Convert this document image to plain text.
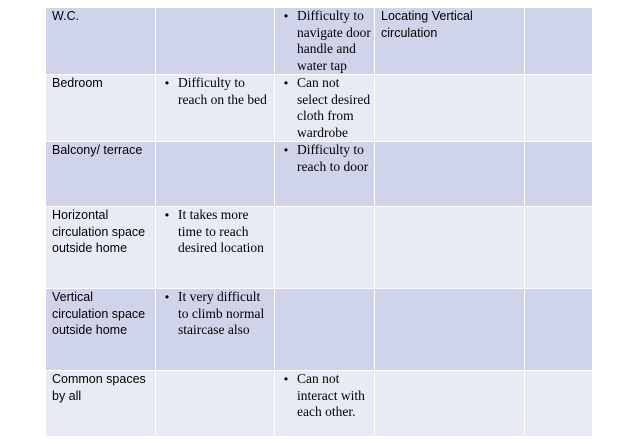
W.C.		• Difficulty to navigate door handle and water tap	Locating Vertical circulation	

Bedroom	• Difficulty to reach on the bed	• Can not select desired cloth from wardrobe		

Balcony/ terrace		• Difficulty to reach to door		

Horizontal circulation space outside home	• It takes more time to reach desired location			

Vertical circulation space outside home	• It very difficult to climb normal staircase also			

Common spaces by all		• Can not interact with each other.		
